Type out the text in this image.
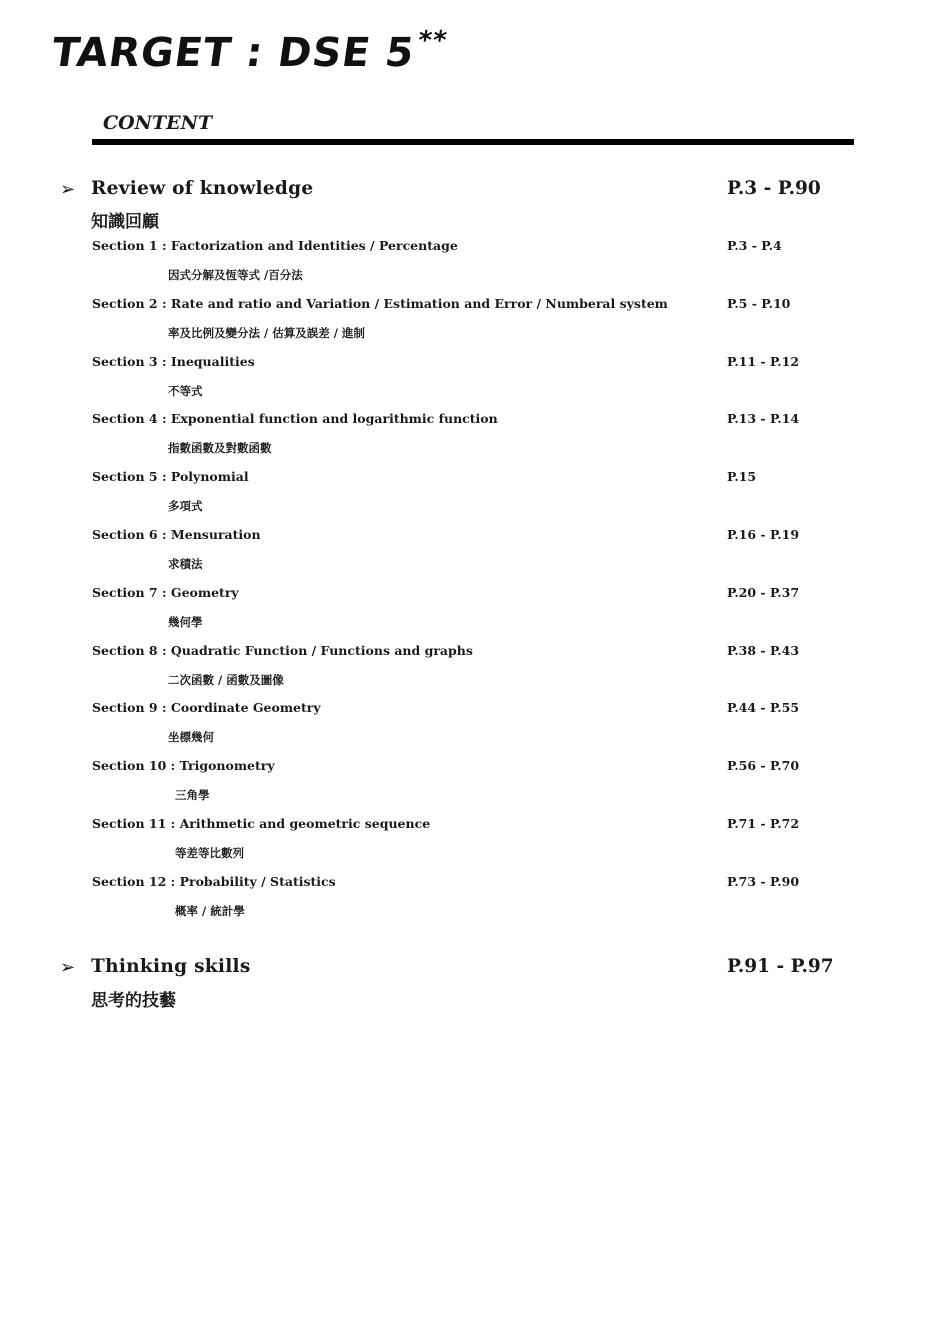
TARGET : DSE 5**
CONTENT
➢ Review of knowledge
知識回顧
P.3 - P.90
Section 1 : Factorization and Identities / Percentage
因式分解及恆等式 /百分法
P.3 - P.4
Section 2 : Rate and ratio and Variation / Estimation and Error / Numberal system
率及比例及變分法 / 估算及誤差 / 進制
P.5 - P.10
Section 3 : Inequalities
不等式
P.11 - P.12
Section 4 : Exponential function and logarithmic function
指數函數及對數函數
P.13 - P.14
Section 5 : Polynomial
多項式
P.15
Section 6 : Mensuration
求積法
P.16 - P.19
Section 7 : Geometry
幾何學
P.20 - P.37
Section 8 : Quadratic Function / Functions and graphs
二次函數 / 函數及圖像
P.38 - P.43
Section 9 : Coordinate Geometry
坐標幾何
P.44 - P.55
Section 10 : Trigonometry
三角學
P.56 - P.70
Section 11 : Arithmetic and geometric sequence
等差等比數列
P.71 - P.72
Section 12 : Probability / Statistics
概率 / 統計學
P.73 - P.90
➢ Thinking skills
思考的技藝
P.91 - P.97
